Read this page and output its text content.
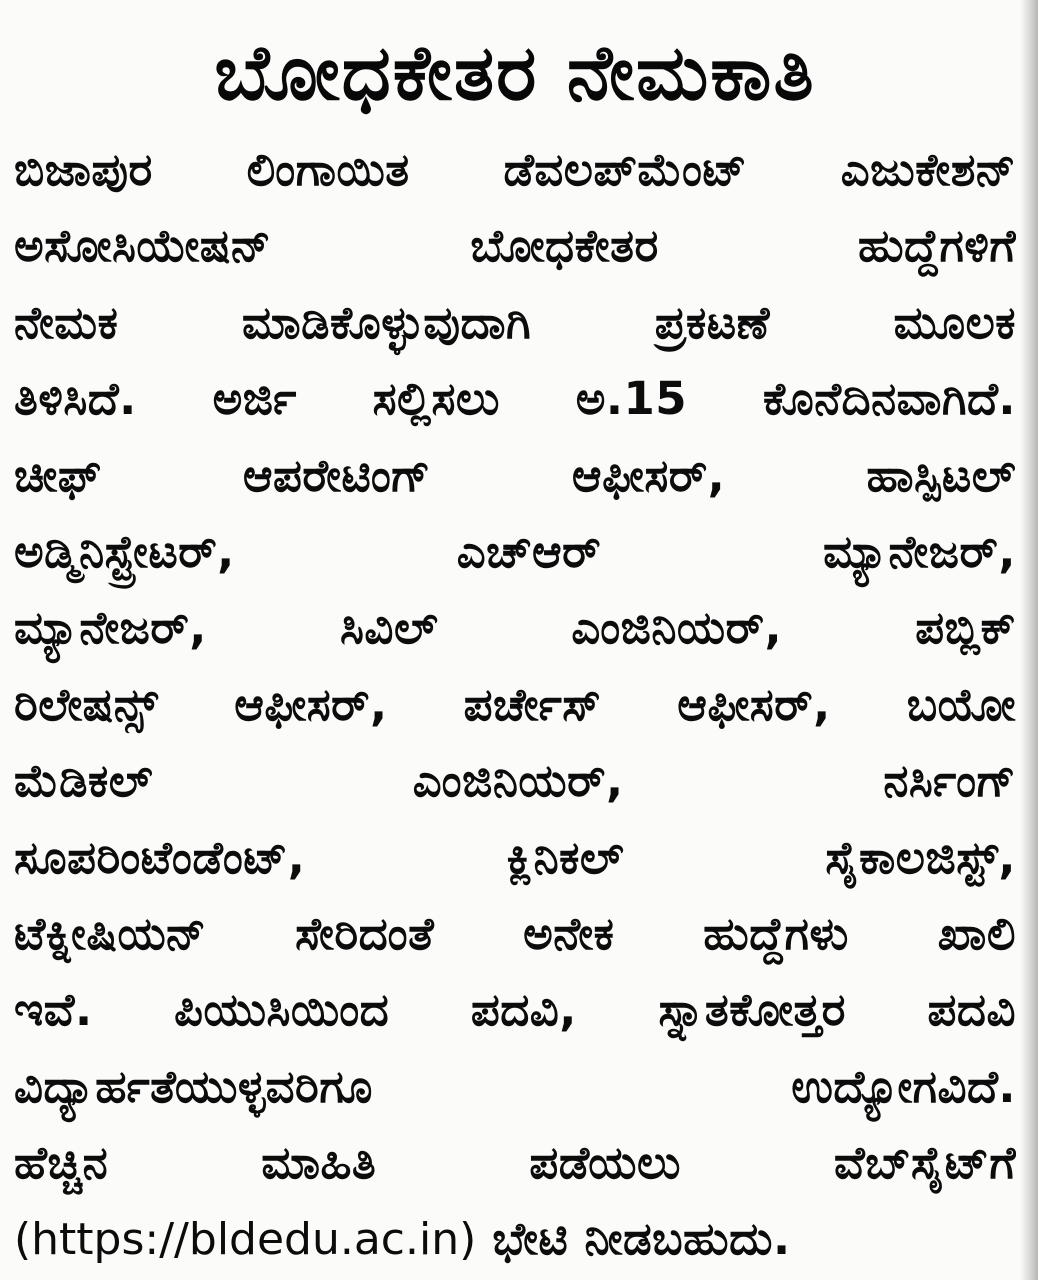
ಬೋಧಕೇತರ ನೇಮಕಾತಿ
ಬಿಜಾಪುರ ಲಿಂಗಾಯಿತ ಡೆವಲಪ್‌ಮೆಂಟ್ ಎಜುಕೇಶನ್
ಅಸೋಸಿಯೇಷನ್ ಬೋಧಕೇತರ ಹುದ್ದೆಗಳಿಗೆ
ನೇಮಕ ಮಾಡಿಕೊಳ್ಳುವುದಾಗಿ ಪ್ರಕಟಣೆ ಮೂಲಕ
ತಿಳಿಸಿದೆ. ಅರ್ಜಿ ಸಲ್ಲಿಸಲು ಅ.15 ಕೊನೆದಿನವಾಗಿದೆ.
ಚೀಫ್ ಆಪರೇಟಿಂಗ್ ಆಫೀಸರ್, ಹಾಸ್ಪಿಟಲ್
ಅಡ್ಮಿನಿಸ್ಟ್ರೇಟರ್, ಎಚ್‌ಆರ್ ಮ್ಯಾನೇಜರ್,
ಮ್ಯಾನೇಜರ್, ಸಿವಿಲ್ ಎಂಜಿನಿಯರ್, ಪಬ್ಲಿಕ್
ರಿಲೇಷನ್ಸ್ ಆಫೀಸರ್, ಪರ್ಚೇಸ್ ಆಫೀಸರ್, ಬಯೋ
ಮೆಡಿಕಲ್ ಎಂಜಿನಿಯರ್, ನರ್ಸಿಂಗ್
ಸೂಪರಿಂಟೆಂಡೆಂಟ್, ಕ್ಲಿನಿಕಲ್ ಸೈಕಾಲಜಿಸ್ಟ್,
ಟೆಕ್ನೀಷಿಯನ್ ಸೇರಿದಂತೆ ಅನೇಕ ಹುದ್ದೆಗಳು ಖಾಲಿ
ಇವೆ. ಪಿಯುಸಿಯಿಂದ ಪದವಿ, ಸ್ನಾತಕೋತ್ತರ ಪದವಿ
ವಿದ್ಯಾರ್ಹತೆಯುಳ್ಳವರಿಗೂ ಉದ್ಯೋಗವಿದೆ.
ಹೆಚ್ಚಿನ ಮಾಹಿತಿ ಪಡೆಯಲು ವೆಬ್‌ಸೈಟ್‌ಗೆ
(https://bldedu.ac.in) ಭೇಟಿ ನೀಡಬಹುದು.
